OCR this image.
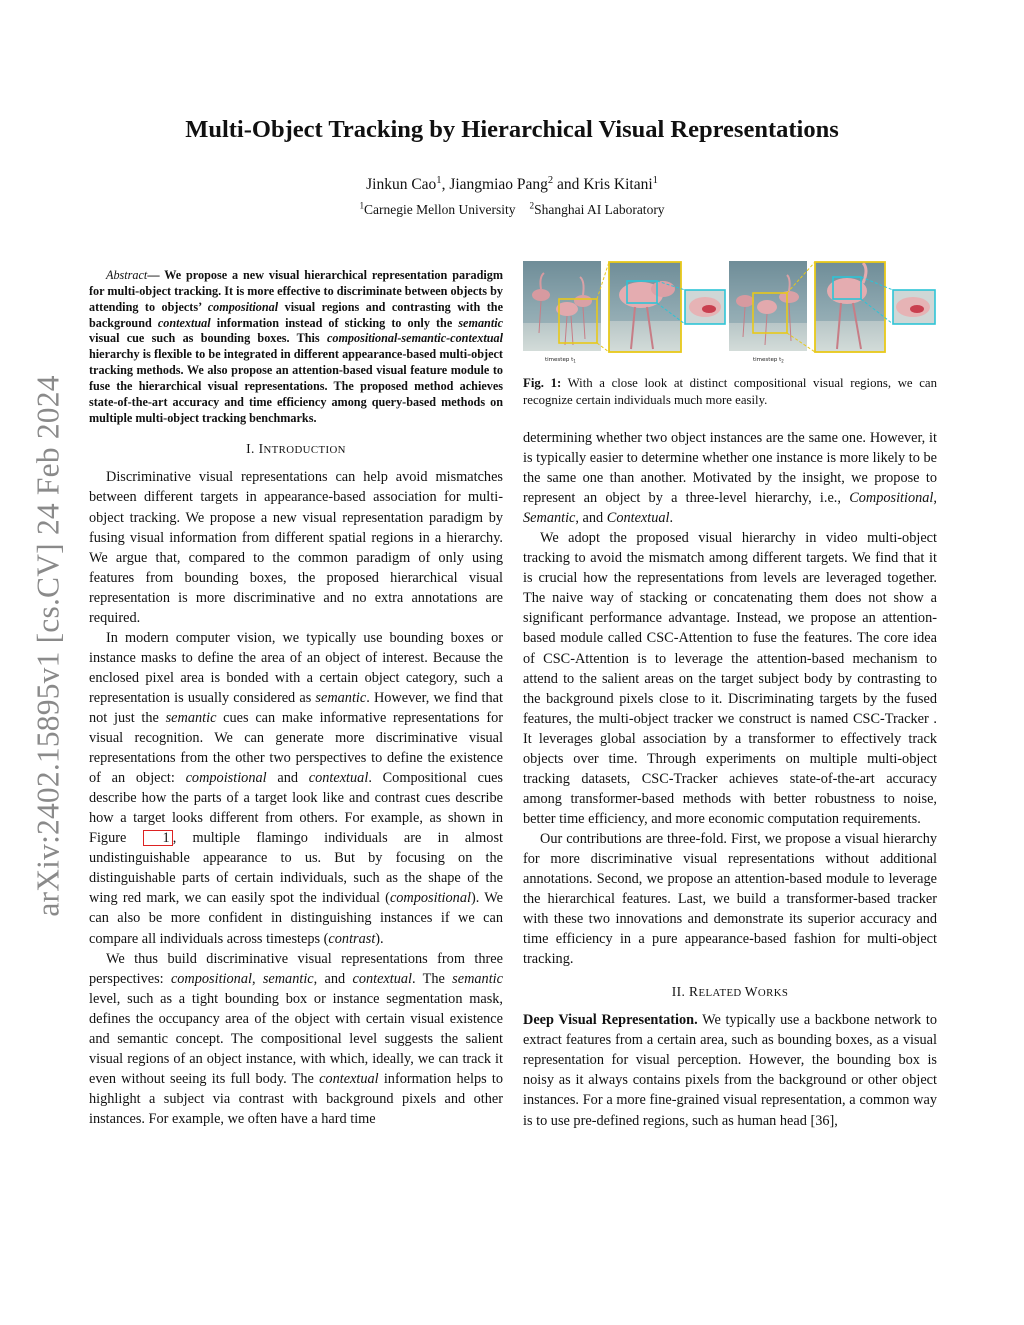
arXiv:2402.15895v1 [cs.CV] 24 Feb 2024
Multi-Object Tracking by Hierarchical Visual Representations
Jinkun Cao$^1$, Jiangmiao Pang$^2$ and Kris Kitani$^1$
$^1$Carnegie Mellon University $^2$Shanghai AI Laboratory

Abstract— We propose a new visual hierarchical representation paradigm for multi-object tracking. It is more effective to discriminate between objects by attending to objects’ compositional visual regions and contrasting with the background contextual information instead of sticking to only the semantic visual cue such as bounding boxes. This compositional-semantic-contextual hierarchy is flexible to be integrated in different appearance-based multi-object tracking methods. We also propose an attention-based visual feature module to fuse the hierarchical visual representations. The proposed method achieves state-of-the-art accuracy and time efficiency among query-based methods on multiple multi-object tracking benchmarks.

I. INTRODUCTION

Discriminative visual representations can help avoid mismatches between different targets in appearance-based association for multi-object tracking. We propose a new visual representation paradigm by fusing visual information from different spatial regions in a hierarchy. We argue that, compared to the common paradigm of only using features from bounding boxes, the proposed hierarchical visual representation is more discriminative and no extra annotations are required.

In modern computer vision, we typically use bounding boxes or instance masks to define the area of an object of interest. Because the enclosed pixel area is bonded with a certain object category, such a representation is usually considered as semantic. However, we find that not just the semantic cues can make informative representations for visual recognition. We can generate more discriminative visual representations from the other two perspectives to define the existence of an object: compoistional and contextual. Compositional cues describe how the parts of a target look like and contrast cues describe how a target looks different from others. For example, as shown in Figure 1 , multiple flamingo individuals are in almost undistinguishable appearance to us. But by focusing on the distinguishable parts of certain individuals, such as the shape of the wing red mark, we can easily spot the individual (compositional). We can also be more confident in distinguishing instances if we can compare all individuals across timesteps (contrast).

We thus build discriminative visual representations from three perspectives: compositional, semantic, and contextual. The semantic level, such as a tight bounding box or instance segmentation mask, defines the occupancy area of the object with certain visual existence and semantic concept. The compositional level suggests the salient visual regions of an object instance, with which, ideally, we can track it even without seeing its full body. The contextual information helps to highlight a subject via contrast with background pixels and other instances. For example, we often have a hard time

timestep $t_1$	timestep $t_2$

Fig. 1: With a close look at distinct compositional visual regions, we can recognize certain individuals much more easily.

determining whether two object instances are the same one. However, it is typically easier to determine whether one instance is more likely to be the same one than another. Motivated by the insight, we propose to represent an object by a three-level hierarchy, i.e., Compositional, Semantic, and Contextual.

We adopt the proposed visual hierarchy in video multi-object tracking to avoid the mismatch among different targets. We find that it is crucial how the representations from levels are leveraged together. The naive way of stacking or concatenating them does not show a significant performance advantage. Instead, we propose an attention-based module called CSC-Attention to fuse the features. The core idea of CSC-Attention is to leverage the attention-based mechanism to attend to the salient areas on the target subject body by contrasting to the background pixels close to it. Discriminating targets by the fused features, the multi-object tracker we construct is named CSC-Tracker . It leverages global association by a transformer to effectively track objects over time. Through experiments on multiple multi-object tracking datasets, CSC-Tracker achieves state-of-the-art accuracy among transformer-based methods with better robustness to noise, better time efficiency, and more economic computation requirements.

Our contributions are three-fold. First, we propose a visual hierarchy for more discriminative visual representations without additional annotations. Second, we propose an attention-based module to leverage the hierarchical features. Last, we build a transformer-based tracker with these two innovations and demonstrate its superior accuracy and time efficiency in a pure appearance-based fashion for multi-object tracking.

II. RELATED WORKS

Deep Visual Representation. We typically use a backbone network to extract features from a certain area, such as bounding boxes, as a visual representation for visual perception. However, the bounding box is noisy as it always contains pixels from the background or other object instances. For a more fine-grained visual representation, a common way is to use pre-defined regions, such as human head [36],
